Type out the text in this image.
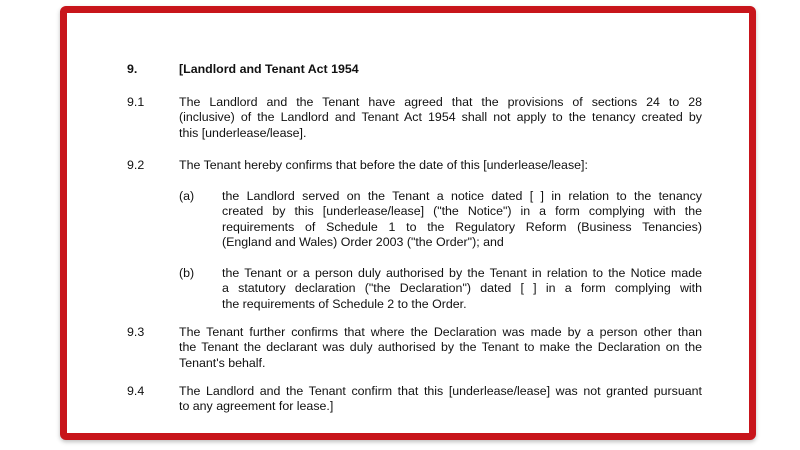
9.	[Landlord and Tenant Act 1954
9.1	The Landlord and the Tenant have agreed that the provisions of sections 24 to 28
(inclusive) of the Landlord and Tenant Act 1954 shall not apply to the tenancy created by
this [underlease/lease].
9.2	The Tenant hereby confirms that before the date of this [underlease/lease]:
(a) the Landlord served on the Tenant a notice dated [ ] in relation to the tenancy
created by this [underlease/lease] ("the Notice") in a form complying with the
requirements of Schedule 1 to the Regulatory Reform (Business Tenancies)
(England and Wales) Order 2003 ("the Order"); and
(b) the Tenant or a person duly authorised by the Tenant in relation to the Notice made
a statutory declaration ("the Declaration") dated [ ] in a form complying with
the requirements of Schedule 2 to the Order.
9.3	The Tenant further confirms that where the Declaration was made by a person other than
the Tenant the declarant was duly authorised by the Tenant to make the Declaration on the
Tenant's behalf.
9.4	The Landlord and the Tenant confirm that this [underlease/lease] was not granted pursuant
to any agreement for lease.]
